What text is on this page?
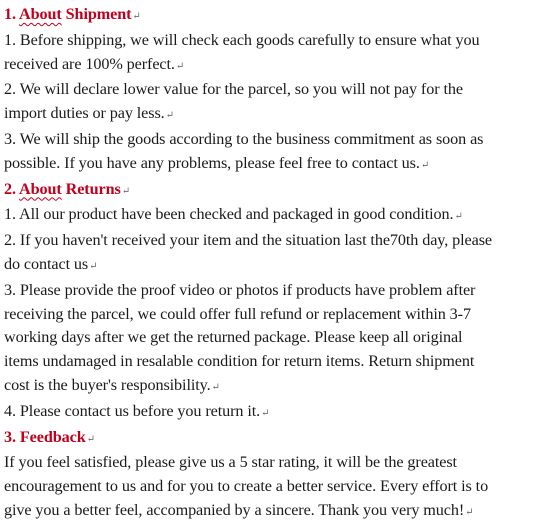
1. About Shipment↵
1. Before shipping, we will check each goods carefully to ensure what you
received are 100% perfect.↵
2. We will declare lower value for the parcel, so you will not pay for the
import duties or pay less.↵
3. We will ship the goods according to the business commitment as soon as
possible. If you have any problems, please feel free to contact us.↵
2. About Returns↵
1. All our product have been checked and packaged in good condition.↵
2. If you haven't received your item and the situation last the70th day, please
do contact us↵
3. Please provide the proof video or photos if products have problem after
receiving the parcel, we could offer full refund or replacement within 3-7
working days after we get the returned package. Please keep all original
items undamaged in resalable condition for return items. Return shipment
cost is the buyer's responsibility.↵
4. Please contact us before you return it.↵
3. Feedback↵
If you feel satisfied, please give us a 5 star rating, it will be the greatest
encouragement to us and for you to create a better service. Every effort is to
give you a better feel, accompanied by a sincere. Thank you very much!↵
